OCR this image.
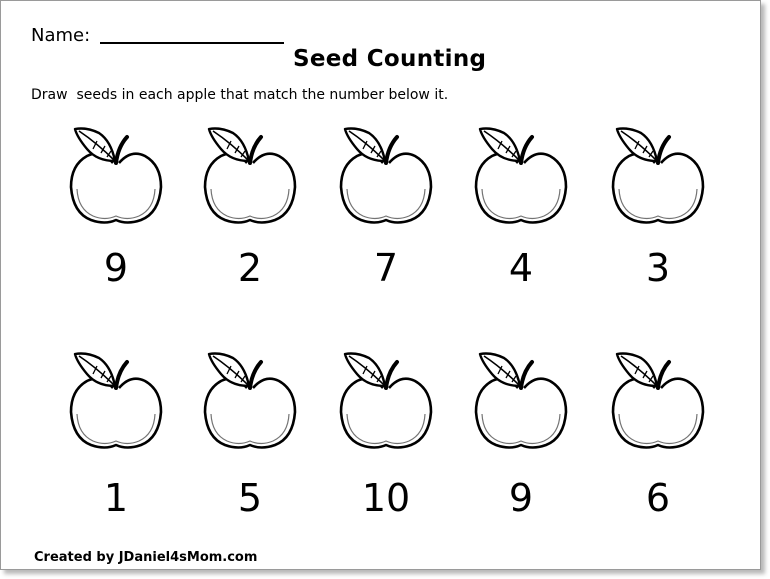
Name:
Seed Counting
Draw  seeds in each apple that match the number below it.
9	2	7	4	3
1	5	10	9	6
Created by JDaniel4sMom.com
